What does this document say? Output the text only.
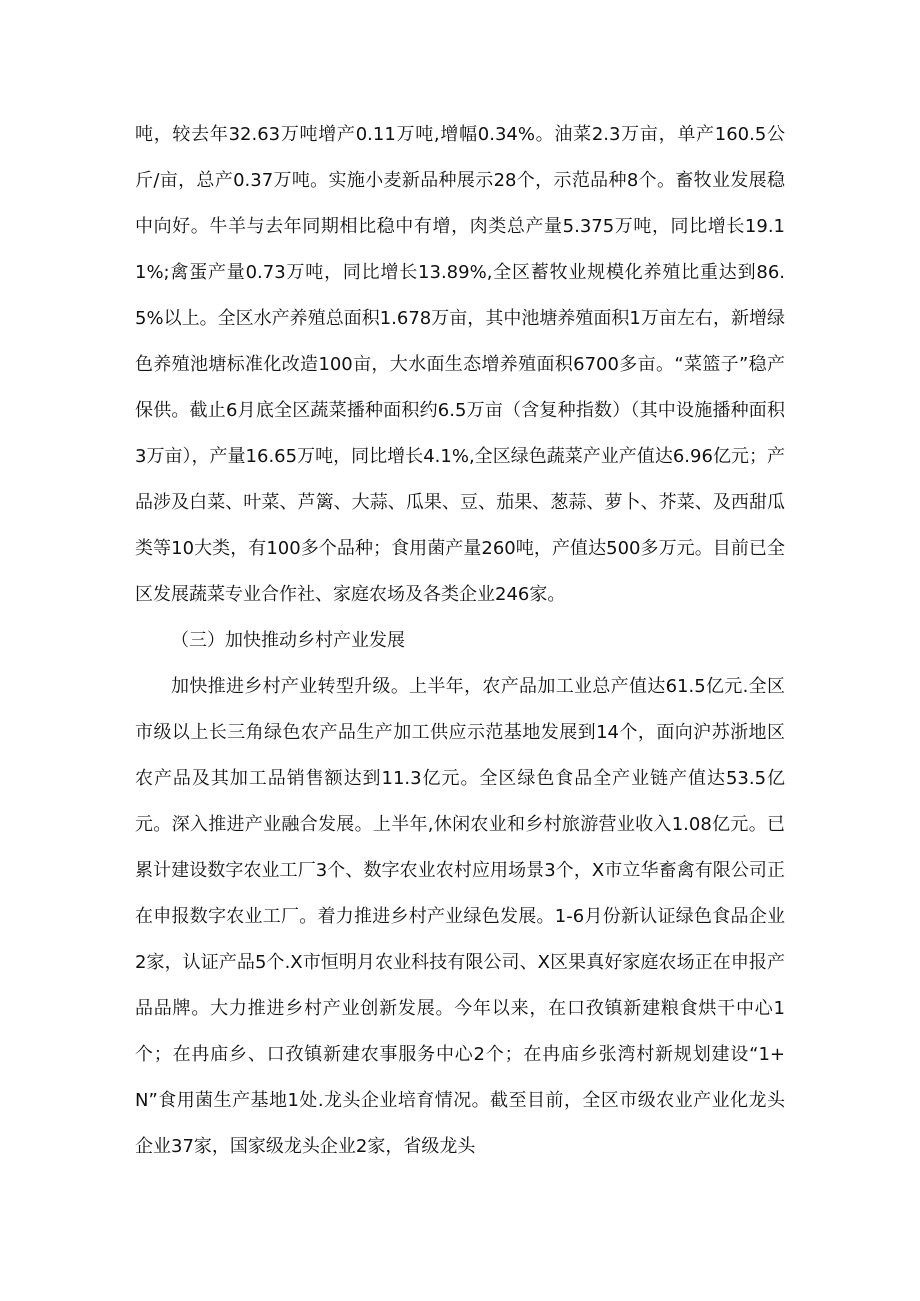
吨，较去年32.63万吨增产0.11万吨,增幅0.34%。油菜2.3万亩，单产160.5公斤/亩，总产0.37万吨。实施小麦新品种展示28个，示范品种8个。畜牧业发展稳中向好。牛羊与去年同期相比稳中有增，肉类总产量5.375万吨，同比增长19.11%;禽蛋产量0.73万吨，同比增长13.89%,全区蓄牧业规模化养殖比重达到86.5%以上。全区水产养殖总面积1.678万亩，其中池塘养殖面积1万亩左右，新增绿色养殖池塘标准化改造100亩，大水面生态增养殖面积6700多亩。“菜篮子”稳产保供。截止6月底全区蔬菜播种面积约6.5万亩（含复种指数）（其中设施播种面积3万亩），产量16.65万吨，同比增长4.1%,全区绿色蔬菜产业产值达6.96亿元；产品涉及白菜、叶菜、芦篱、大蒜、瓜果、豆、茄果、葱蒜、萝卜、芥菜、及西甜瓜类等10大类，有100多个品种；食用菌产量260吨，产值达500多万元。目前已全区发展蔬菜专业合作社、家庭农场及各类企业246家。

（三）加快推动乡村产业发展

加快推进乡村产业转型升级。上半年，农产品加工业总产值达61.5亿元.全区市级以上长三角绿色农产品生产加工供应示范基地发展到14个，面向沪苏浙地区农产品及其加工品销售额达到11.3亿元。全区绿色食品全产业链产值达53.5亿元。深入推进产业融合发展。上半年,休闲农业和乡村旅游营业收入1.08亿元。已累计建设数字农业工厂3个、数字农业农村应用场景3个，X市立华畜禽有限公司正在申报数字农业工厂。着力推进乡村产业绿色发展。1-6月份新认证绿色食品企业2家，认证产品5个.X市恒明月农业科技有限公司、X区果真好家庭农场正在申报产品品牌。大力推进乡村产业创新发展。今年以来，在口孜镇新建粮食烘干中心1个；在冉庙乡、口孜镇新建农事服务中心2个；在冉庙乡张湾村新规划建设“1+N”食用菌生产基地1处.龙头企业培育情况。截至目前，全区市级农业产业化龙头企业37家，国家级龙头企业2家，省级龙头
